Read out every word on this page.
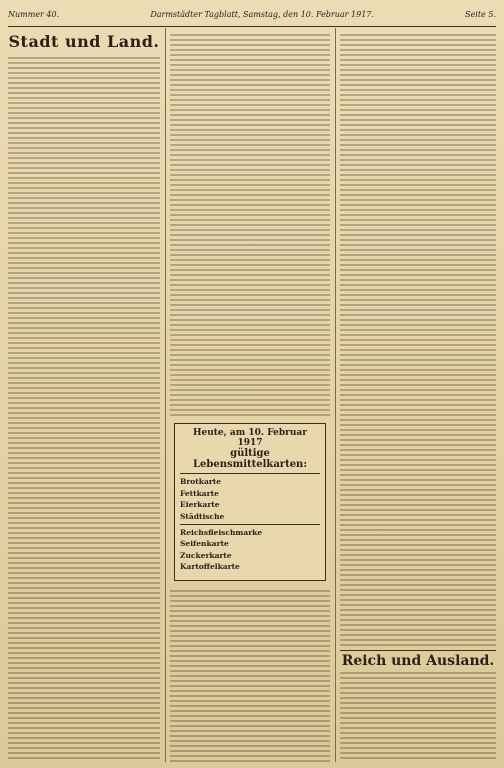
Nummer 40.	Darmstädter Tagblatt, Samstag, den 10. Februar 1917.	Seite 5.
Stadt und Land.
Heute, am 10. Februar 1917
gültige Lebensmittelkarten:
Brotkarte
Fettkarte
Eierkarte
Städtische
Reichsfleischmarke
Seifenkarte
Zuckerkarte
Kartoffelkarte
Reich und Ausland.
